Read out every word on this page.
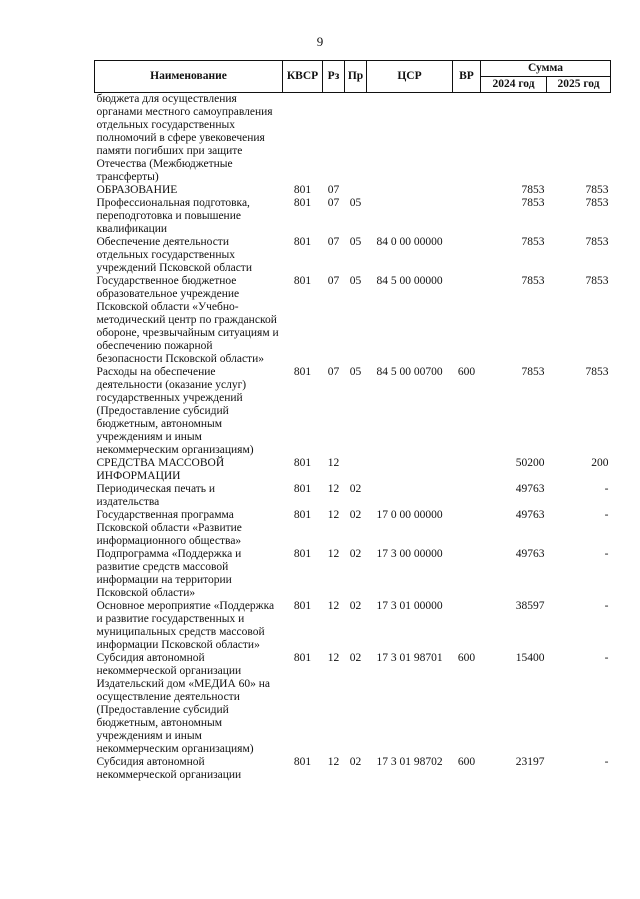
9
Наименование	КВСР	Рз	Пр	ЦСР	ВР	Сумма	
						2024 год	2025 год
бюджета для осуществления органами местного самоуправления отдельных государственных полномочий в сфере увековечения памяти погибших при защите Отечества (Межбюджетные трансферты)							
ОБРАЗОВАНИЕ	801	07				7853	7853
Профессиональная подготовка, переподготовка и повышение квалификации	801	07	05			7853	7853
Обеспечение деятельности отдельных государственных учреждений Псковской области	801	07	05	84 0 00 00000		7853	7853
Государственное бюджетное образовательное учреждение Псковской области «Учебно-методический центр по гражданской обороне, чрезвычайным ситуациям и обеспечению пожарной безопасности Псковской области»	801	07	05	84 5 00 00000		7853	7853
Расходы на обеспечение деятельности (оказание услуг) государственных учреждений (Предоставление субсидий бюджетным, автономным учреждениям и иным некоммерческим организациям)	801	07	05	84 5 00 00700	600	7853	7853
СРЕДСТВА МАССОВОЙ ИНФОРМАЦИИ	801	12				50200	200
Периодическая печать и издательства	801	12	02			49763	-
Государственная программа Псковской области «Развитие информационного общества»	801	12	02	17 0 00 00000		49763	-
Подпрограмма «Поддержка и развитие средств массовой информации на территории Псковской области»	801	12	02	17 3 00 00000		49763	-
Основное мероприятие «Поддержка и развитие государственных и муниципальных средств массовой информации Псковской области»	801	12	02	17 3 01 00000		38597	-
Субсидия автономной некоммерческой организации Издательский дом «МЕДИА 60» на осуществление деятельности (Предоставление субсидий бюджетным, автономным учреждениям и иным некоммерческим организациям)	801	12	02	17 3 01 98701	600	15400	-
Субсидия автономной некоммерческой организации	801	12	02	17 3 01 98702	600	23197	-
